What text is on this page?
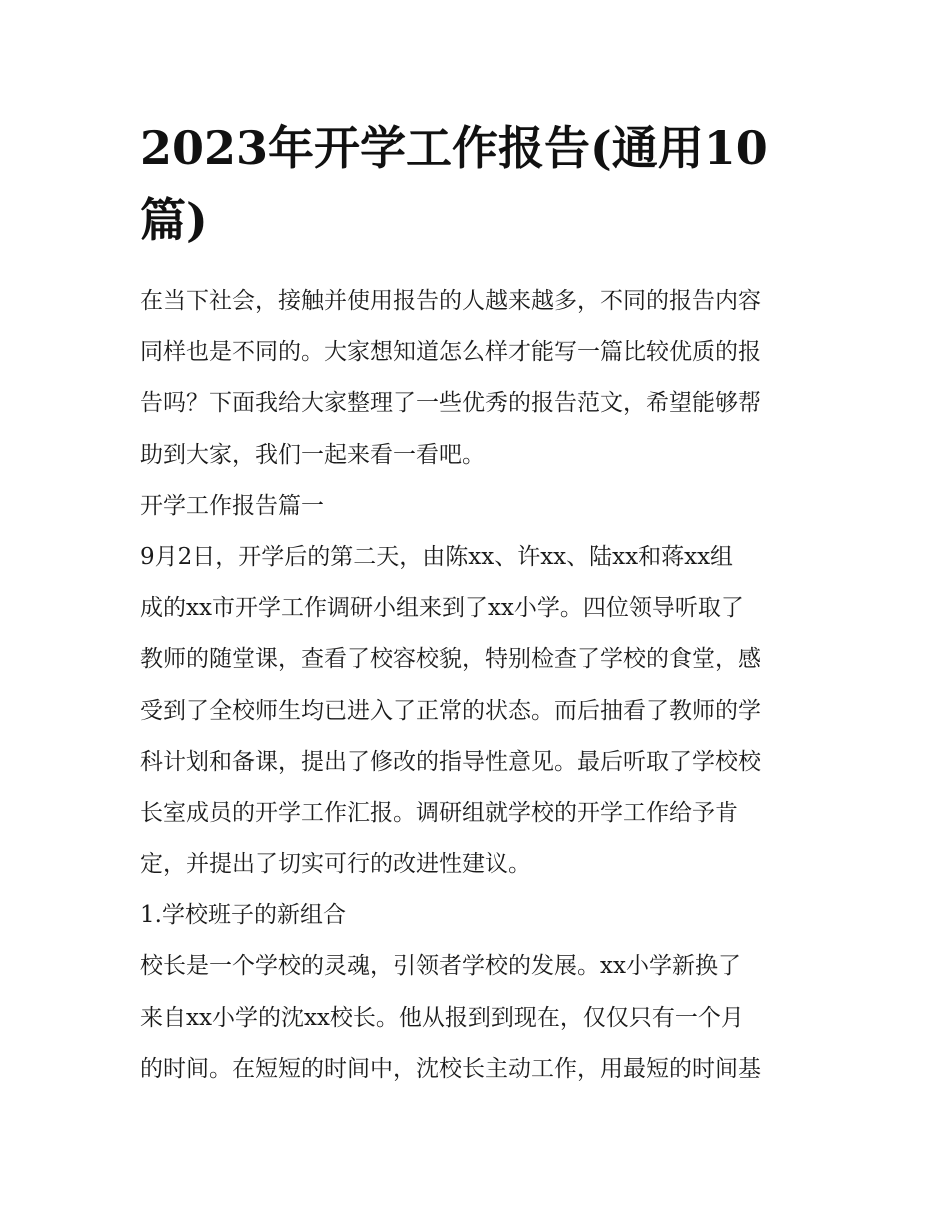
2023年开学工作报告(通用10
篇)
在当下社会，接触并使用报告的人越来越多，不同的报告内容
同样也是不同的。大家想知道怎么样才能写一篇比较优质的报
告吗？下面我给大家整理了一些优秀的报告范文，希望能够帮
助到大家，我们一起来看一看吧。
开学工作报告篇一
9月2日，开学后的第二天，由陈xx、许xx、陆xx和蒋xx组
成的xx市开学工作调研小组来到了xx小学。四位领导听取了
教师的随堂课，查看了校容校貌，特别检查了学校的食堂，感
受到了全校师生均已进入了正常的状态。而后抽看了教师的学
科计划和备课，提出了修改的指导性意见。最后听取了学校校
长室成员的开学工作汇报。调研组就学校的开学工作给予肯
定，并提出了切实可行的改进性建议。
1.学校班子的新组合
校长是一个学校的灵魂，引领者学校的发展。xx小学新换了
来自xx小学的沈xx校长。他从报到到现在，仅仅只有一个月
的时间。在短短的时间中，沈校长主动工作，用最短的时间基
